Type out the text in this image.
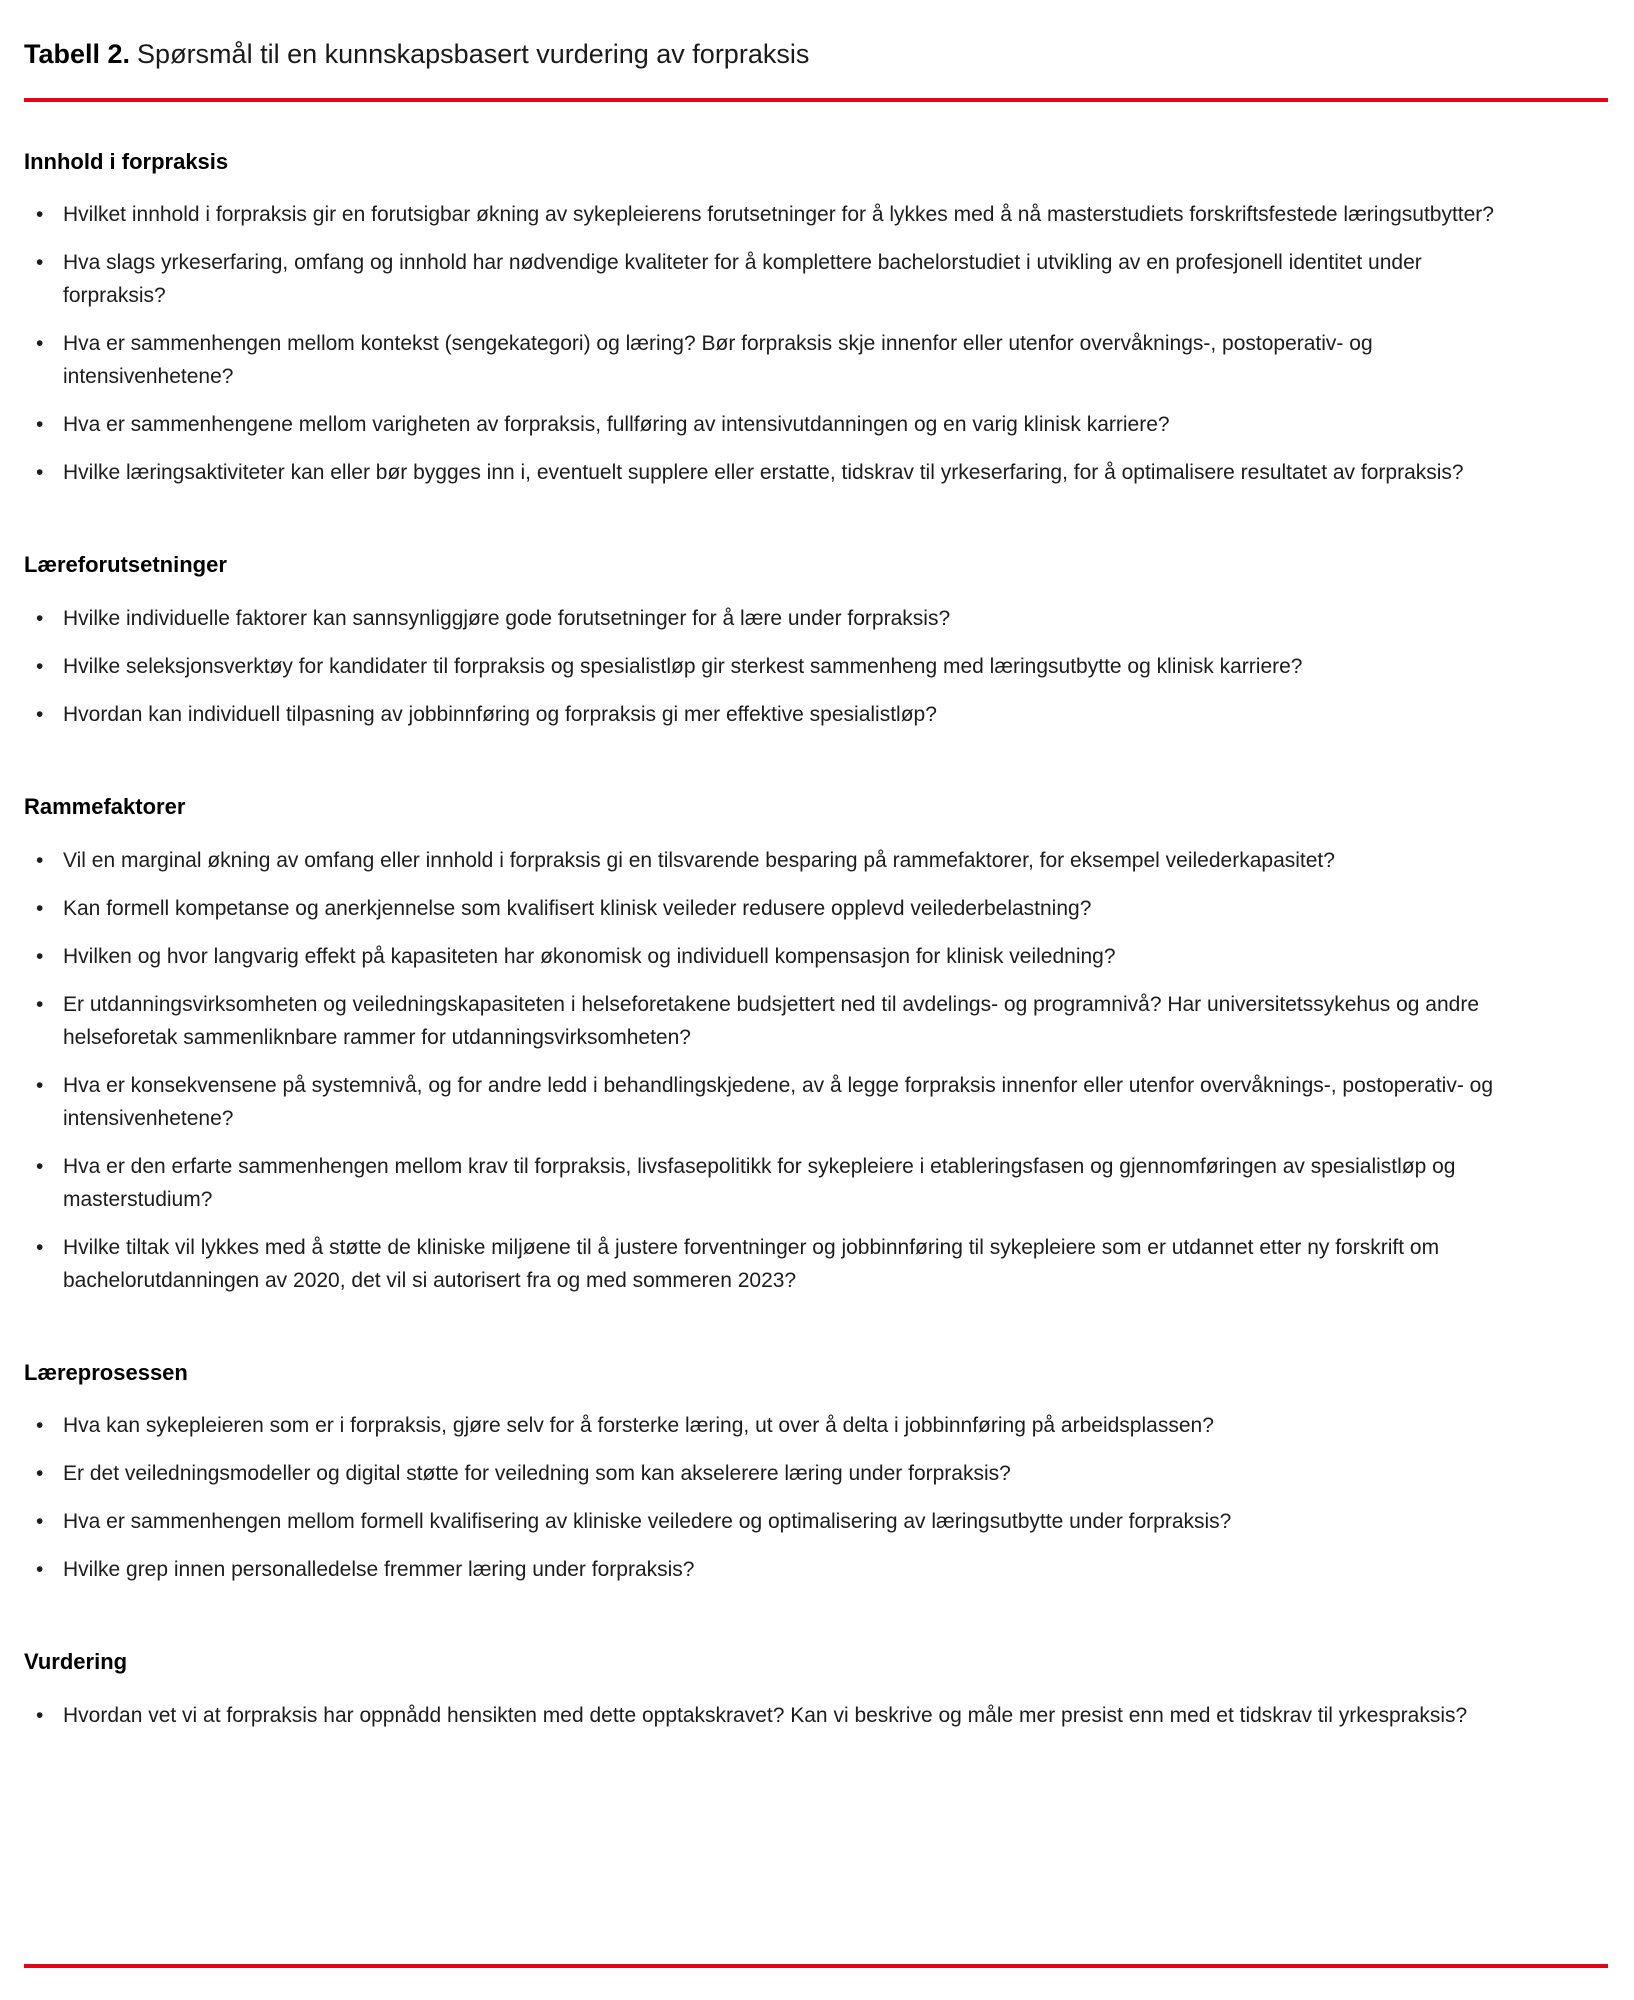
Tabell 2. Spørsmål til en kunnskapsbasert vurdering av forpraksis
Innhold i forpraksis
• Hvilket innhold i forpraksis gir en forutsigbar økning av sykepleierens forutsetninger for å lykkes med å nå masterstudiets forskriftsfestede læringsutbytter?
• Hva slags yrkeserfaring, omfang og innhold har nødvendige kvaliteter for å komplettere bachelorstudiet i utvikling av en profesjonell identitet under forpraksis?
• Hva er sammenhengen mellom kontekst (sengekategori) og læring? Bør forpraksis skje innenfor eller utenfor overvåknings-, postoperativ- og intensivenhetene?
• Hva er sammenhengene mellom varigheten av forpraksis, fullføring av intensivutdanningen og en varig klinisk karriere?
• Hvilke læringsaktiviteter kan eller bør bygges inn i, eventuelt supplere eller erstatte, tidskrav til yrkeserfaring, for å optimalisere resultatet av forpraksis?
Læreforutsetninger
• Hvilke individuelle faktorer kan sannsynliggjøre gode forutsetninger for å lære under forpraksis?
• Hvilke seleksjonsverktøy for kandidater til forpraksis og spesialistløp gir sterkest sammenheng med læringsutbytte og klinisk karriere?
• Hvordan kan individuell tilpasning av jobbinnføring og forpraksis gi mer effektive spesialistløp?
Rammefaktorer
• Vil en marginal økning av omfang eller innhold i forpraksis gi en tilsvarende besparing på rammefaktorer, for eksempel veilederkapasitet?
• Kan formell kompetanse og anerkjennelse som kvalifisert klinisk veileder redusere opplevd veilederbelastning?
• Hvilken og hvor langvarig effekt på kapasiteten har økonomisk og individuell kompensasjon for klinisk veiledning?
• Er utdanningsvirksomheten og veiledningskapasiteten i helseforetakene budsjettert ned til avdelings- og programnivå? Har universitetssykehus og andre helseforetak sammenliknbare rammer for utdanningsvirksomheten?
• Hva er konsekvensene på systemnivå, og for andre ledd i behandlingskjedene, av å legge forpraksis innenfor eller utenfor overvåknings-, postoperativ- og intensivenhetene?
• Hva er den erfarte sammenhengen mellom krav til forpraksis, livsfasepolitikk for sykepleiere i etableringsfasen og gjennomføringen av spesialistløp og masterstudium?
• Hvilke tiltak vil lykkes med å støtte de kliniske miljøene til å justere forventninger og jobbinnføring til sykepleiere som er utdannet etter ny forskrift om bachelorutdanningen av 2020, det vil si autorisert fra og med sommeren 2023?
Læreprosessen
• Hva kan sykepleieren som er i forpraksis, gjøre selv for å forsterke læring, ut over å delta i jobbinnføring på arbeidsplassen?
• Er det veiledningsmodeller og digital støtte for veiledning som kan akselerere læring under forpraksis?
• Hva er sammenhengen mellom formell kvalifisering av kliniske veiledere og optimalisering av læringsutbytte under forpraksis?
• Hvilke grep innen personalledelse fremmer læring under forpraksis?
Vurdering
• Hvordan vet vi at forpraksis har oppnådd hensikten med dette opptakskravet? Kan vi beskrive og måle mer presist enn med et tidskrav til yrkespraksis?
